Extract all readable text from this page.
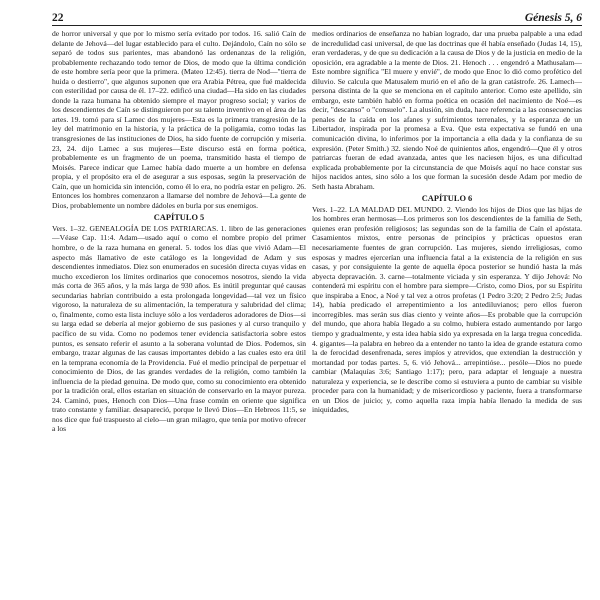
22	Génesis 5, 6

de horror universal y que por lo mismo sería evitado por todos. 16. salió Caín de delante de Jehová—del lugar establecido para el culto. Dejándolo, Caín no sólo se separó de todos sus parientes, mas abandonó las ordenanzas de la religión, probablemente rechazando todo temor de Dios, de modo que la última condición de este hombre sería peor que la primera. (Mateo 12:45). tierra de Nod—"tierra de huida o destierro", que algunos suponen que era Arabia Pétrea, que fué maldecida con esterilidad por causa de él. 17–22. edificó una ciudad—Ha sido en las ciudades donde la raza humana ha obtenido siempre el mayor progreso social; y varios de los descendientes de Caín se distinguieron por su talento inventivo en el área de las artes. 19. tomó para sí Lamec dos mujeres—Esta es la primera transgresión de la ley del matrimonio en la historia, y la práctica de la poligamia, como todas las transgresiones de las instituciones de Dios, ha sido fuente de corrupción y miseria. 23, 24. dijo Lamec a sus mujeres—Este discurso está en forma poética, probablemente es un fragmento de un poema, transmitido hasta el tiempo de Moisés. Parece indicar que Lamec había dado muerte a un hombre en defensa propia, y el propósito era el de asegurar a sus esposas, según la preservación de Caín, que un homicida sin intención, como él lo era, no podría estar en peligro. 26. Entonces los hombres comenzaron a llamarse del nombre de Jehová—La gente de Dios, probablemente un nombre dádoles en burla por sus enemigos.

CAPÍTULO 5

Vers. 1–32. GENEALOGÍA DE LOS PATRIARCAS. 1. libro de las generaciones—Véase Cap. 11:4. Adam—usado aquí o como el nombre propio del primer hombre, o de la raza humana en general. 5. todos los días que vivió Adam—El aspecto más llamativo de este catálogo es la longevidad de Adam y sus descendientes inmediatos. Diez son enumerados en sucesión directa cuyas vidas en mucho excedieron los límites ordinarios que conocemos nosotros, siendo la vida más corta de 365 años, y la más larga de 930 años. Es inútil preguntar qué causas secundarias habrían contribuido a esta prolongada longevidad—tal vez un físico vigoroso, la naturaleza de su alimentación, la temperatura y salubridad del clima; o, finalmente, como esta lista incluye sólo a los verdaderos adoradores de Dios—si su larga edad se debería al mejor gobierno de sus pasiones y al curso tranquilo y pacífico de su vida. Como no podemos tener evidencia satisfactoria sobre estos puntos, es sensato referir el asunto a la soberana voluntad de Dios. Podemos, sin embargo, trazar algunas de las causas importantes debido a las cuales esto era útil en la temprana economía de la Providencia. Fué el medio principal de perpetuar el conocimiento de Dios, de las grandes verdades de la religión, como también la influencia de la piedad genuina. De modo que, como su conocimiento era obtenido por la tradición oral, ellos estarían en situación de conservarlo en la mayor pureza. 24. Caminó, pues, Henoch con Dios—Una frase común en oriente que significa trato constante y familiar. desapareció, porque le llevó Dios—En Hebreos 11:5, se nos dice que fué traspuesto al cielo—un gran milagro, que tenía por motivo ofrecer a los

medios ordinarios de enseñanza no habían logrado, dar una prueba palpable a una edad de incredulidad casi universal, de que las doctrinas que él había enseñado (Judas 14, 15), eran verdaderas, y de que su dedicación a la causa de Dios y de la justicia en medio de la oposición, era agradable a la mente de Dios. 21. Henoch . . . engendró a Mathusalam—Este nombre significa "El muere y envié", de modo que Enoc lo dió como profético del diluvio. Se calcula que Matusalem murió en el año de la gran catástrofe. 26. Lamech—persona distinta de la que se menciona en el capítulo anterior. Como este apellido, sin embargo, este también habló en forma poética en ocasión del nacimiento de Noé—es decir, "descanso" o "consuelo". La alusión, sin duda, hace referencia a las consecuencias penales de la caída en los afanes y sufrimientos terrenales, y la esperanza de un Libertador, inspirada por la promesa a Eva. Que esta expectativa se fundó en una comunicación divina, lo inferimos por la importancia a ella dada y la confianza de su expresión. (Peter Smith.) 32. siendo Noé de quinientos años, engendró—Que él y otros patriarcas fueran de edad avanzada, antes que les naciesen hijos, es una dificultad explicada probablemente por la circunstancia de que Moisés aquí no hace constar sus hijos nacidos antes, sino sólo a los que forman la sucesión desde Adam por medio de Seth hasta Abraham.

CAPÍTULO 6

Vers. 1–22. LA MALDAD DEL MUNDO. 2. Viendo los hijos de Dios que las hijas de los hombres eran hermosas—Los primeros son los descendientes de la familia de Seth, quienes eran profesión religiosos; las segundas son de la familia de Caín el apóstata. Casamientos mixtos, entre personas de principios y prácticas opuestos eran necesariamente fuentes de gran corrupción. Las mujeres, siendo irreligiosas, como esposas y madres ejercerían una influencia fatal a la existencia de la religión en sus casas, y por consiguiente la gente de aquella época posterior se hundió hasta la más abyecta depravación. 3. carne—totalmente viciada y sin esperanza. Y dijo Jehová: No contenderá mi espíritu con el hombre para siempre—Cristo, como Dios, por su Espíritu que inspiraba a Enoc, a Noé y tal vez a otros profetas (1 Pedro 3:20; 2 Pedro 2:5; Judas 14), había predicado el arrepentimiento a los antediluvianos; pero ellos fueron incorregibles. mas serán sus días ciento y veinte años—Es probable que la corrupción del mundo, que ahora había llegado a su colmo, hubiera estado aumentando por largo tiempo y gradualmente, y esta idea había sido ya expresada en la larga tregua concedida. 4. gigantes—la palabra en hebreo da a entender no tanto la idea de grande estatura como la de ferocidad desenfrenada, seres impíos y atrevidos, que extendían la destrucción y mortandad por todas partes. 5, 6. vió Jehová... arrepintióse... pesóle—Dios no puede cambiar (Malaquías 3:6; Santiago 1:17); pero, para adaptar el lenguaje a nuestra naturaleza y experiencia, se le describe como si estuviera a punto de cambiar su visible proceder para con la humanidad; y de misericordioso y paciente, fuera a transformarse en un Dios de juicio; y, como aquella raza impía había llenado la medida de sus iniquidades,
